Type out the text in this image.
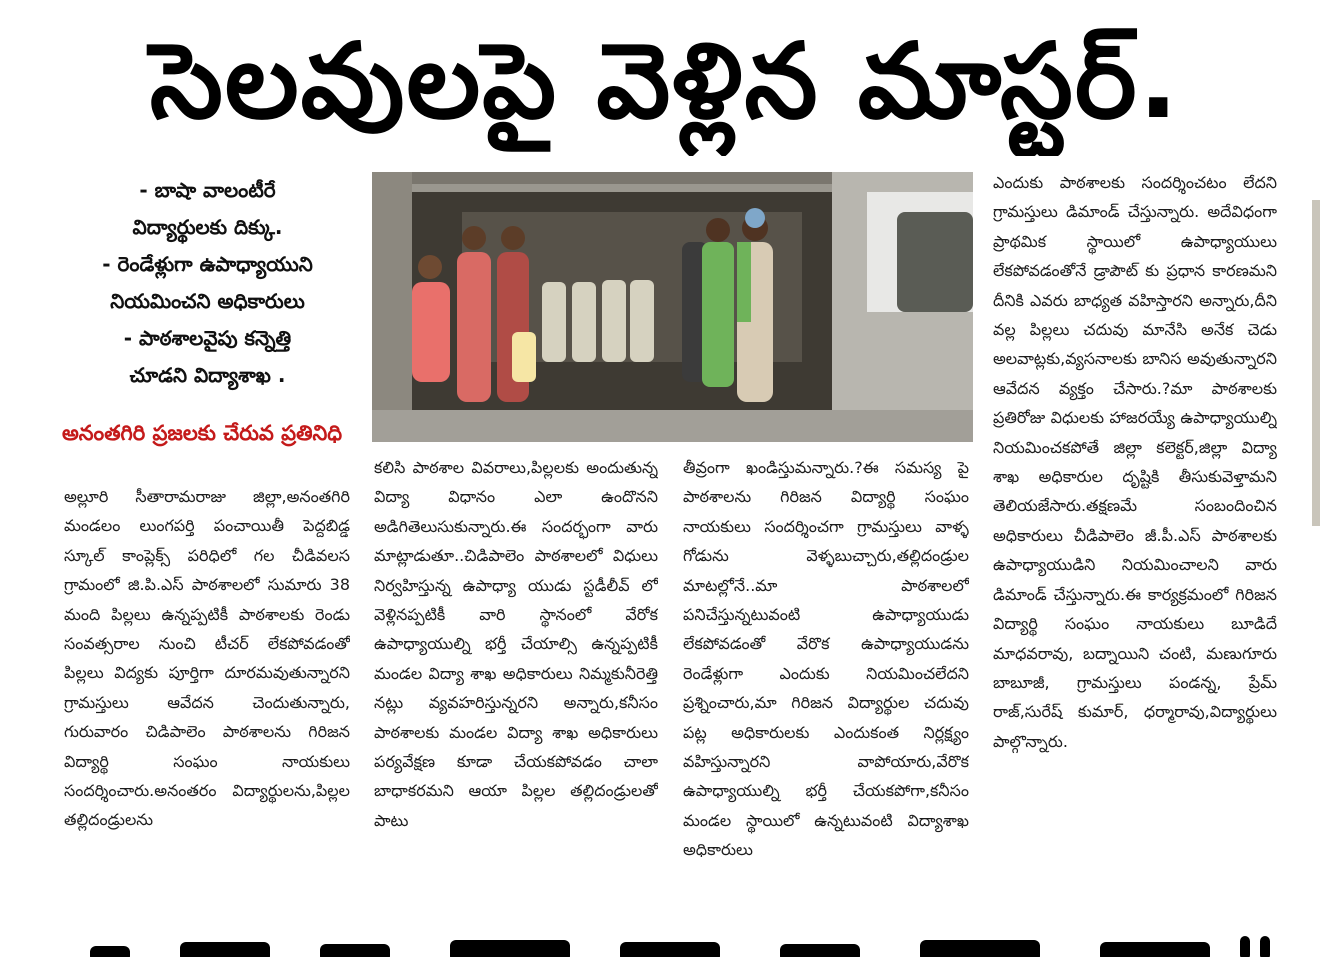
సెలవులపై వెళ్లిన మాస్టర్.
- బాషా వాలంటీరే
విద్యార్థులకు దిక్కు.
- రెండేళ్లుగా ఉపాధ్యాయుని
నియమించని అధికారులు
- పాఠశాలవైపు కన్నెత్తి
చూడని విద్యాశాఖ .
అనంతగిరి ప్రజలకు చేరువ ప్రతినిధి
అల్లూరి సీతారామరాజు జిల్లా,అనంతగిరి మండలం లుంగపర్తి పంచాయితీ పెద్దబిడ్డ స్కూల్ కాంప్లెక్స్ పరిధిలో గల చీడివలస గ్రామంలో జి.పి.ఎస్ పాఠశాలలో సుమారు 38 మంది పిల్లలు ఉన్నప్పటికీ పాఠశాలకు రెండు సంవత్సరాల నుంచి టీచర్ లేకపోవడంతో పిల్లలు విద్యకు పూర్తిగా దూరమవుతున్నారని గ్రామస్తులు ఆవేదన చెందుతున్నారు, గురువారం చిడిపాలెం పాఠశాలను గిరిజన విద్యార్థి సంఘం నాయకులు సందర్శించారు.అనంతరం విద్యార్థులను,పిల్లల తల్లిదండ్రులను
కలిసి పాఠశాల వివరాలు,పిల్లలకు అందుతున్న విద్యా విధానం ఎలా ఉందొనని అడిగితెలుసుకున్నారు.ఈ సందర్భంగా వారు మాట్లాడుతూ..చిడిపాలెం పాఠశాలలో విధులు నిర్వహిస్తున్న ఉపాధ్యా యుడు స్టడీలీవ్ లో వెళ్లినప్పటికీ వారి స్థానంలో వేరోక ఉపాధ్యాయుల్ని భర్తీ చేయాల్సి ఉన్నప్పటికీ మండల విద్యా శాఖ అధికారులు నిమ్మకునీరెత్తి నట్లు వ్యవహరిస్తున్నరని అన్నారు,కనీసం పాఠశాలకు మండల విద్యా శాఖ అధికారులు పర్యవేక్షణ కూడా చేయకపోవడం చాలా బాధాకరమని ఆయా పిల్లల తల్లిదండ్రులతో పాటు
తీవ్రంగా ఖండిస్తుమన్నారు.?ఈ సమస్య పై పాఠశాలను గిరిజన విద్యార్థి సంఘం నాయకులు సందర్శించగా గ్రామస్తులు వాళ్ళ గోడును వెళ్ళబుచ్చారు,తల్లిదండ్రుల మాటల్లోనే..మా పాఠశాలలో పనిచేస్తున్నటువంటి ఉపాధ్యాయుడు లేకపోవడంతో వేరొక ఉపాధ్యాయుడను రెండేళ్లుగా ఎందుకు నియమించలేదని ప్రశ్నించారు,మా గిరిజన విద్యార్థుల చదువు పట్ల అధికారులకు ఎందుకంత నిర్లక్ష్యం వహిస్తున్నారని వాపోయారు,వేరొక ఉపాధ్యాయుల్ని భర్తీ చేయకపోగా,కనీసం మండల స్థాయిలో ఉన్నటువంటి విద్యాశాఖ అధికారులు
ఎందుకు పాఠశాలకు సందర్శించటం లేదని గ్రామస్తులు డిమాండ్ చేస్తున్నారు. అదేవిధంగా ప్రాథమిక స్థాయిలో ఉపాధ్యాయులు లేకపోవడంతోనే డ్రాపౌట్ కు ప్రధాన కారణమని దీనికి ఎవరు బాధ్యత వహిస్తారని అన్నారు,దీని వల్ల పిల్లలు చదువు మానేసి అనేక చెడు అలవాట్లకు,వ్యసనాలకు బానిస అవుతున్నారని ఆవేదన వ్యక్తం చేసారు.?మా పాఠశాలకు ప్రతిరోజు విధులకు హాజరయ్యే ఉపాధ్యాయుల్ని నియమించకపోతే జిల్లా కలెక్టర్,జిల్లా విద్యా శాఖ అధికారుల దృష్టికి తీసుకువెళ్తామని తెలియజేసారు.తక్షణమే సంబందించిన అధికారులు చీడిపాలెం జీ.పీ.ఎస్ పాఠశాలకు ఉపాధ్యాయుడిని నియమించాలని వారు డిమాండ్ చేస్తున్నారు.ఈ కార్యక్రమంలో గిరిజన విద్యార్థి సంఘం నాయకులు బూడిదే మాధవరావు, బద్నాయిని చంటి, మణుగూరు బాబూజీ, గ్రామస్తులు పండన్న, ప్రేమ్ రాజ్,సురేష్ కుమార్, ధర్మారావు,విద్యార్థులు పాల్గొన్నారు.
